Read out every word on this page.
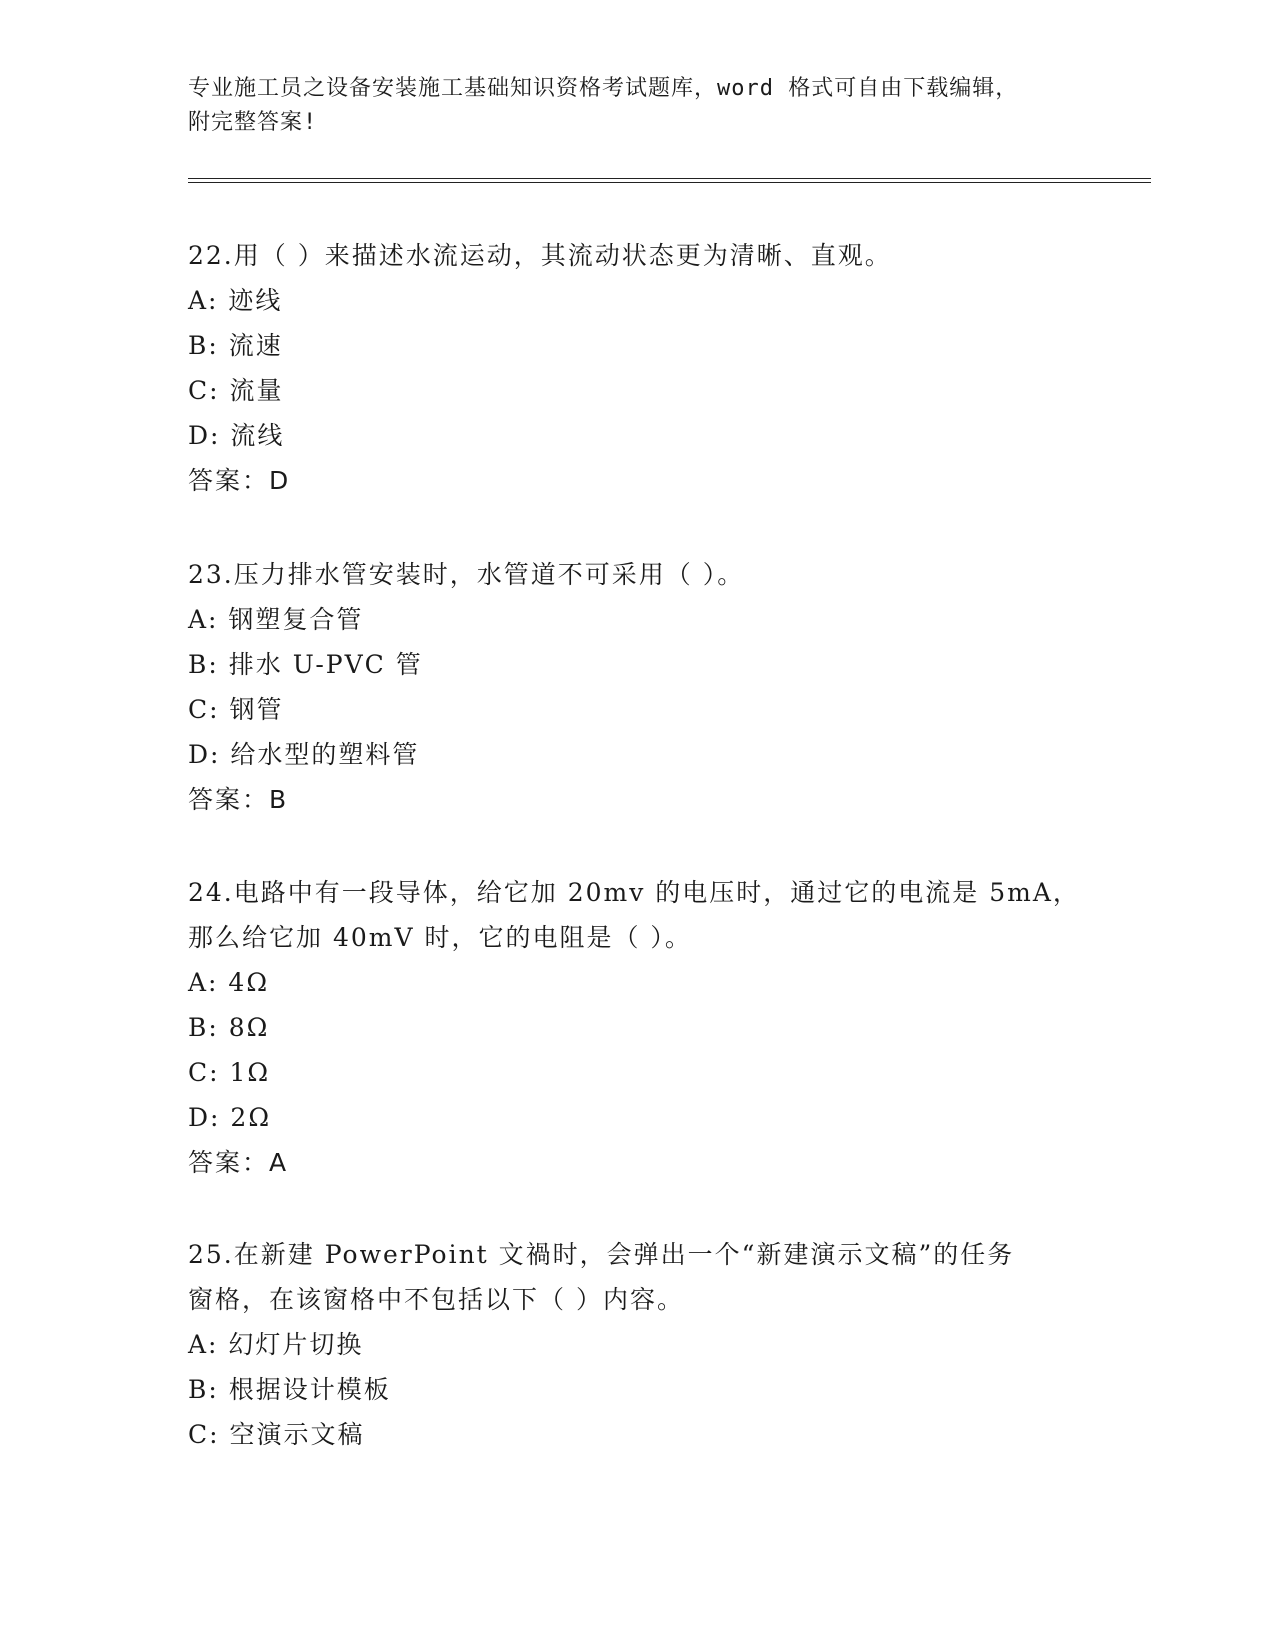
专业施工员之设备安装施工基础知识资格考试题库，word 格式可自由下载编辑，
附完整答案!

22.用（ ）来描述水流运动，其流动状态更为清晰、直观。

A: 迹线

B: 流速

C: 流量

D: 流线

答案：D

23.压力排水管安装时，水管道不可采用（ ）。

A: 钢塑复合管

B: 排水 U-PVC 管

C: 钢管

D: 给水型的塑料管

答案：B

24.电路中有一段导体，给它加 20mv 的电压时，通过它的电流是 5mA，
那么给它加 40mV 时，它的电阻是（ ）。

A: 4Ω

B: 8Ω

C: 1Ω

D: 2Ω

答案：A

25.在新建 PowerPoint 文禍时，会弹出一个“新建演示文稿”的任务
窗格，在该窗格中不包括以下（ ）内容。

A: 幻灯片切换

B: 根据设计模板

C: 空演示文稿
